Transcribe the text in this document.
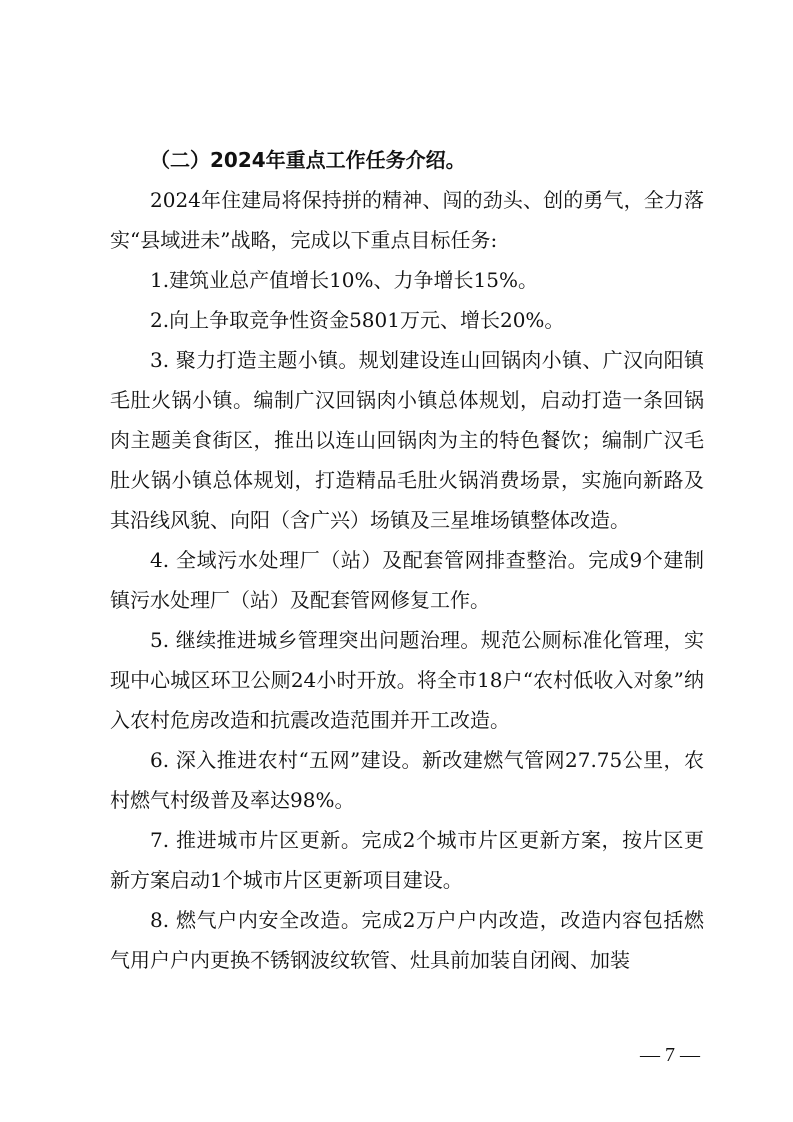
（二）2024年重点工作任务介绍。

2024年住建局将保持拼的精神、闯的劲头、创的勇气，全力落实“县域进未”战略，完成以下重点目标任务:

1.建筑业总产值增长10%、力争增长15%。

2.向上争取竞争性资金5801万元、增长20%。

3. 聚力打造主题小镇。规划建设连山回锅肉小镇、广汉向阳镇毛肚火锅小镇。编制广汉回锅肉小镇总体规划，启动打造一条回锅肉主题美食街区，推出以连山回锅肉为主的特色餐饮；编制广汉毛肚火锅小镇总体规划，打造精品毛肚火锅消费场景，实施向新路及其沿线风貌、向阳（含广兴）场镇及三星堆场镇整体改造。

4. 全域污水处理厂（站）及配套管网排查整治。完成9个建制镇污水处理厂（站）及配套管网修复工作。

5. 继续推进城乡管理突出问题治理。规范公厕标准化管理，实现中心城区环卫公厕24小时开放。将全市18户“农村低收入对象”纳入农村危房改造和抗震改造范围并开工改造。

6. 深入推进农村“五网”建设。新改建燃气管网27.75公里，农村燃气村级普及率达98%。

7. 推进城市片区更新。完成2个城市片区更新方案，按片区更新方案启动1个城市片区更新项目建设。

8. 燃气户内安全改造。完成2万户户内改造，改造内容包括燃气用户户内更换不锈钢波纹软管、灶具前加装自闭阀、加装

— 7 —
